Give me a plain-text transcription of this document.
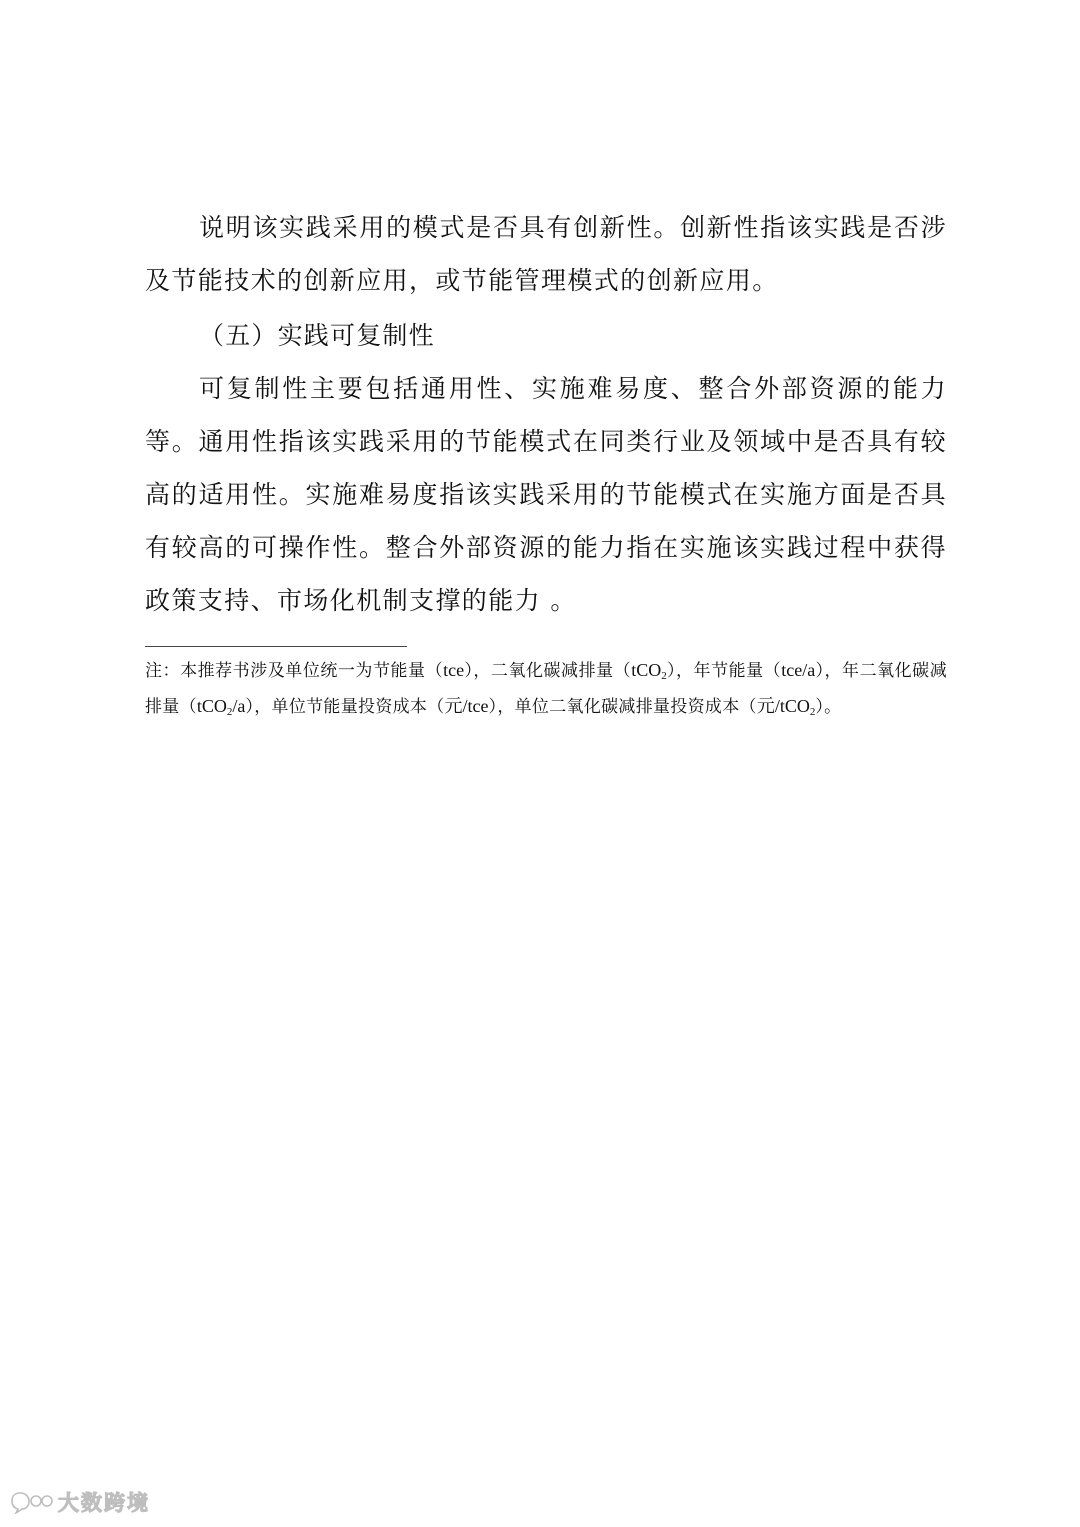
说明该实践采用的模式是否具有创新性。创新性指该实践是否涉及节能技术的创新应用，或节能管理模式的创新应用。

（五）实践可复制性

可复制性主要包括通用性、实施难易度、整合外部资源的能力等。通用性指该实践采用的节能模式在同类行业及领域中是否具有较高的适用性。实施难易度指该实践采用的节能模式在实施方面是否具有较高的可操作性。整合外部资源的能力指在实施该实践过程中获得政策支持、市场化机制支撑的能力 。

注：本推荐书涉及单位统一为节能量（tce），二氧化碳减排量（tCO$_2$），年节能量（tce/a），年二氧化碳减排量（tCO$_2$/a），单位节能量投资成本（元/tce），单位二氧化碳减排量投资成本（元/tCO$_2$）。

大数跨境
